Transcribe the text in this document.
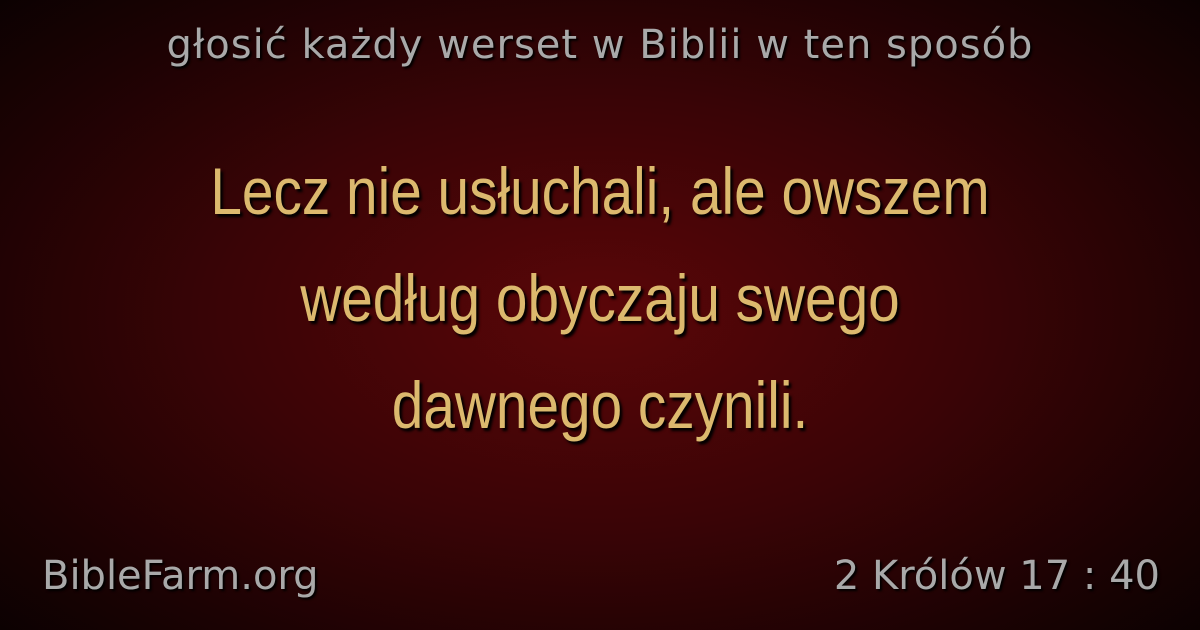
głosić każdy werset w Biblii w ten sposób
Lecz nie usłuchali, ale owszem
według obyczaju swego
dawnego czynili.
BibleFarm.org	2 Królów 17 : 40
